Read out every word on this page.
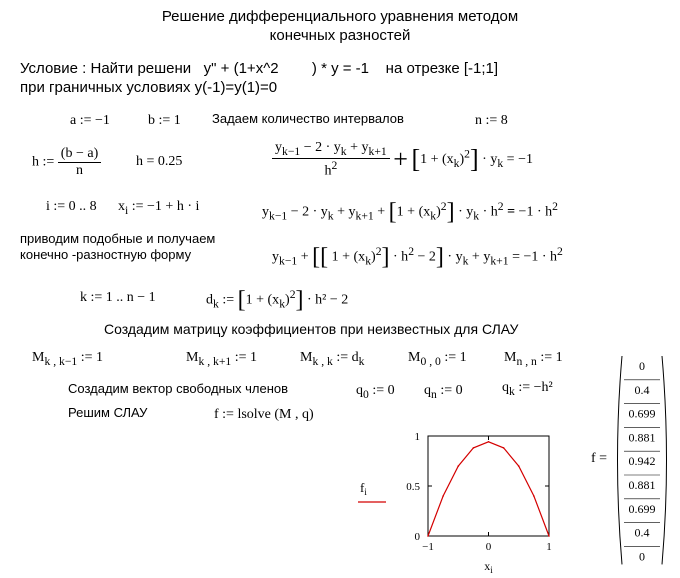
Решение дифференциального уравнения методом
конечных разностей
Условие : Найти решени   y" + (1+x^2        ) * y = -1    на отрезке [-1;1]
при граничных условиях y(-1)=y(1)=0
a := −1	b := 1 Задаем количество интервалов	n := 8
h := $\frac{(b - a)}{n}$ h = 0.25	$\frac{y_{k-1} - 2 \cdot y_k + y_{k+1}}{h^2} + [1 + (x_k)^2] \cdot y_k = -1$
i := 0 .. 8 $x_i$ := −1 + h · i	$y_{k-1} - 2 \cdot y_k + y_{k+1} + [1 + (x_k)^2] \cdot y_k \cdot h^2 = -1 \cdot h^2$
приводим подобные и получаем
конечно -разностную форму	$y_{k-1}$ + [[ $1 + (x_k)^2] \cdot h^2 - 2] \cdot y_k + y_{k+1} = -1 \cdot h^2$
k := 1 .. n − 1	$d_k$ := $[1 + (x_k)^2] \cdot h^2 - 2$
Создадим матрицу коэффициентов при неизвестных для СЛАУ
$M_{k , k-1}$ := 1	$M_{k , k+1}$ := 1	$M_{k , k}$ := $d_k$	$M_{0 , 0}$ := 1	$M_{n , n}$ := 1
Создадим вектор свободных членов	$q_0$ := 0 $q_n$ := 0	$q_k$ := −h²
Решим СЛАУ	f := lsolve (M , q)
−1	0	1
0
0.5
1
$x_i$
$f_i$
f =
0
0.4
0.699
0.881
0.942
0.881
0.699
0.4
0
